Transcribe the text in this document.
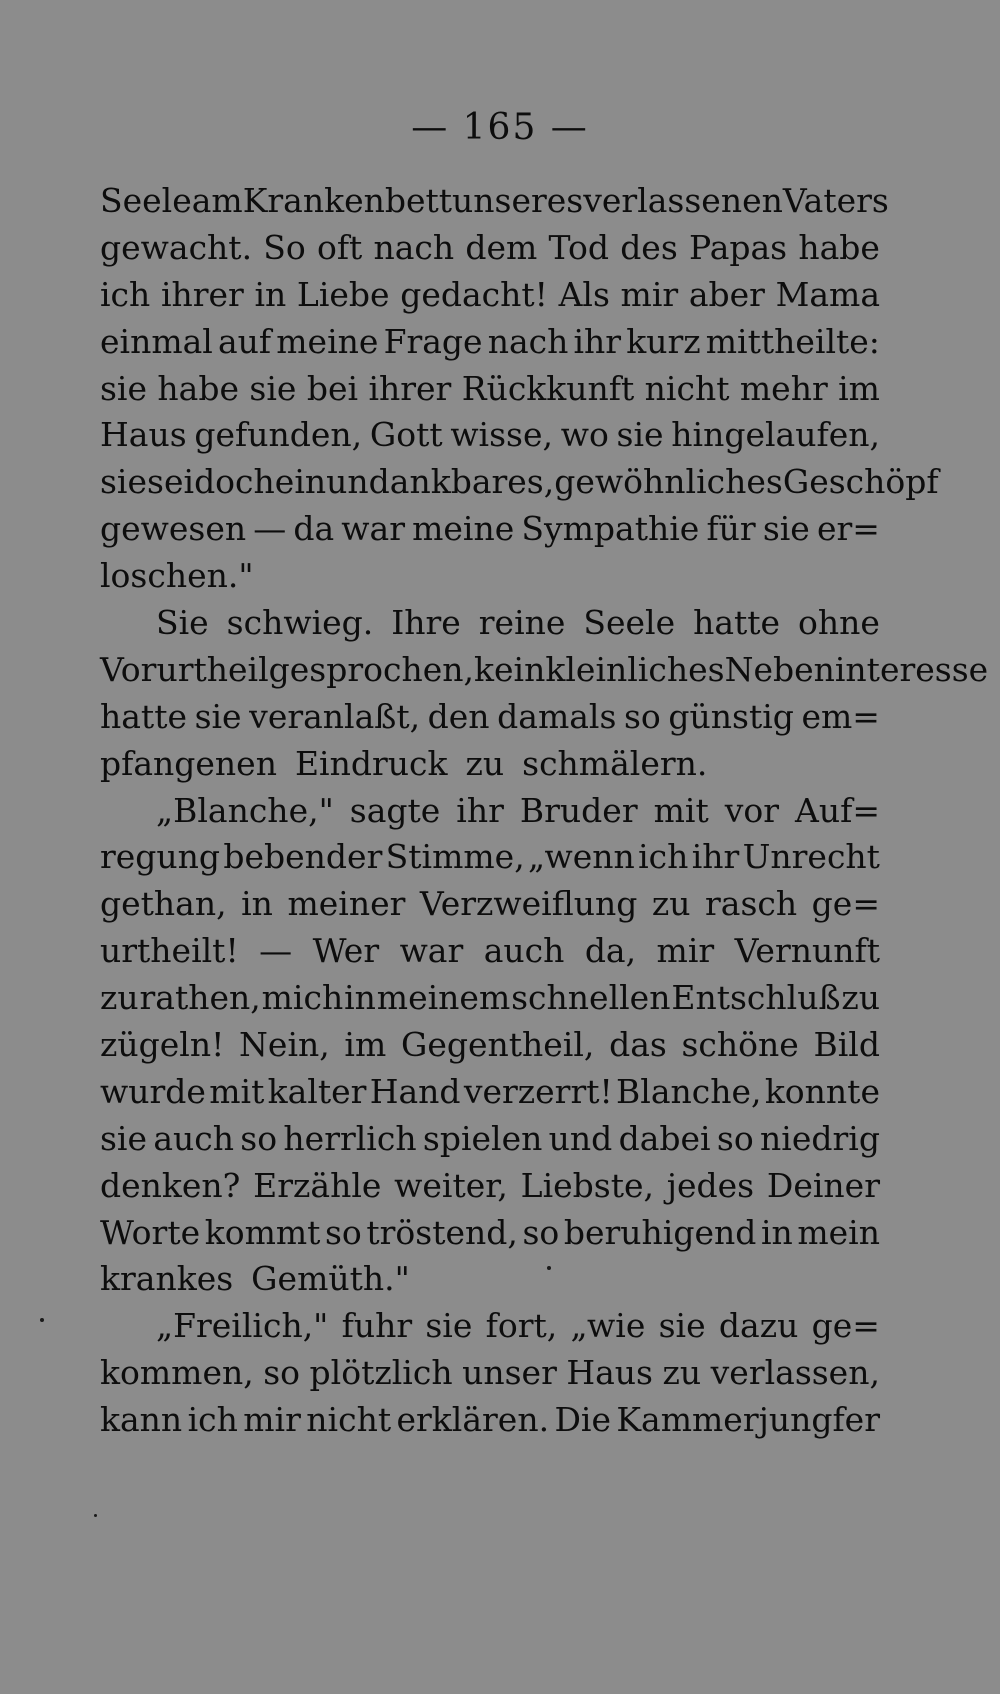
— 165 —
Seele am Krankenbett unseres verlassenen Vaters
gewacht. So oft nach dem Tod des Papas habe
ich ihrer in Liebe gedacht! Als mir aber Mama
einmal auf meine Frage nach ihr kurz mittheilte:
sie habe sie bei ihrer Rückkunft nicht mehr im
Haus gefunden, Gott wisse, wo sie hingelaufen,
sie sei doch ein undankbares, gewöhnliches Geschöpf
gewesen — da war meine Sympathie für sie er=
loschen."
Sie schwieg. Ihre reine Seele hatte ohne
Vorurtheil gesprochen, kein kleinliches Nebeninteresse
hatte sie veranlaßt, den damals so günstig em=
pfangenen Eindruck zu schmälern.
„Blanche," sagte ihr Bruder mit vor Auf=
regung bebender Stimme, „wenn ich ihr Unrecht
gethan, in meiner Verzweiflung zu rasch ge=
urtheilt! — Wer war auch da, mir Vernunft
zu rathen, mich in meinem schnellen Entschluß zu
zügeln! Nein, im Gegentheil, das schöne Bild
wurde mit kalter Hand verzerrt! Blanche, konnte
sie auch so herrlich spielen und dabei so niedrig
denken? Erzähle weiter, Liebste, jedes Deiner
Worte kommt so tröstend, so beruhigend in mein
krankes Gemüth."
„Freilich," fuhr sie fort, „wie sie dazu ge=
kommen, so plötzlich unser Haus zu verlassen,
kann ich mir nicht erklären. Die Kammerjungfer
